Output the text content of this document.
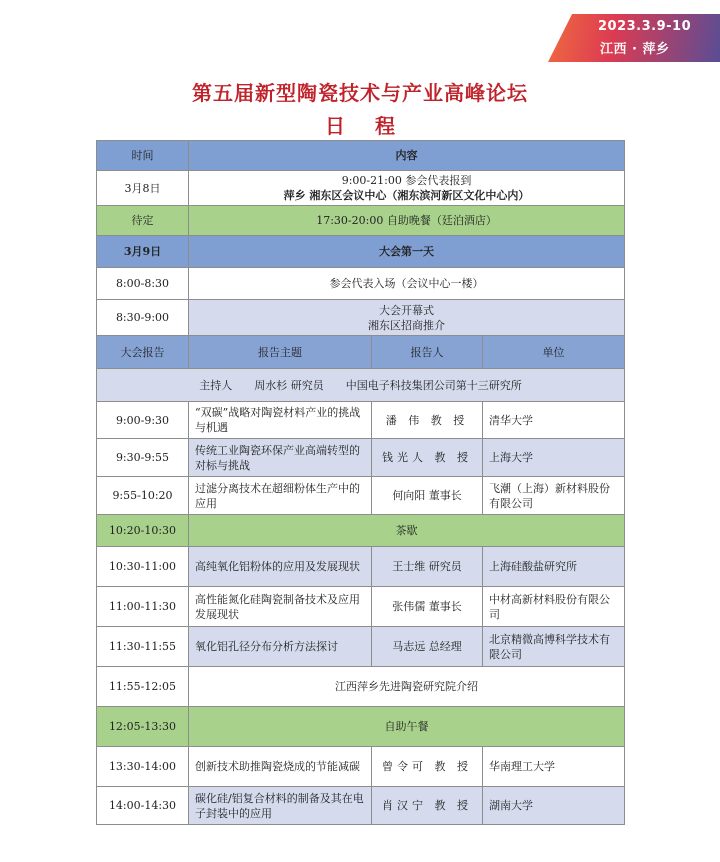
2023.3.9-10
江西 · 萍乡
第五届新型陶瓷技术与产业高峰论坛
日程
时间	内容		
3月8日	9:00-21:00 参会代表报到
萍乡 湘东区会议中心（湘东滨河新区文化中心内）		

待定	17:30-20:00 自助晚餐（廷泊酒店）		
3月9日	大会第一天		
8:00-8:30	参会代表入场（会议中心一楼）		
8:30-9:00	大会开幕式
湘东区招商推介		

大会报告	报告主题	报告人	单位
主持人　　周水杉 研究员　　中国电子科技集团公司第十三研究所			
9:00-9:30	“双碳”战略对陶瓷材料产业的挑战与机遇	潘 伟 教 授	清华大学
9:30-9:55	传统工业陶瓷环保产业高端转型的对标与挑战	钱光人 教 授	上海大学
9:55-10:20	过滤分离技术在超细粉体生产中的应用	何向阳 董事长	飞潮（上海）新材料股份有限公司
10:20-10:30	茶歇		
10:30-11:00	高纯氧化铝粉体的应用及发展现状	王士维 研究员	上海硅酸盐研究所
11:00-11:30	高性能氮化硅陶瓷制备技术及应用发展现状	张伟儒 董事长	中材高新材料股份有限公司
11:30-11:55	氧化铝孔径分布分析方法探讨	马志远 总经理	北京精微高博科学技术有限公司
11:55-12:05	江西萍乡先进陶瓷研究院介绍		
12:05-13:30	自助午餐		
13:30-14:00	创新技术助推陶瓷烧成的节能减碳	曾令可 教 授	华南理工大学
14:00-14:30	碳化硅/铝复合材料的制备及其在电子封装中的应用	肖汉宁 教 授	湖南大学
